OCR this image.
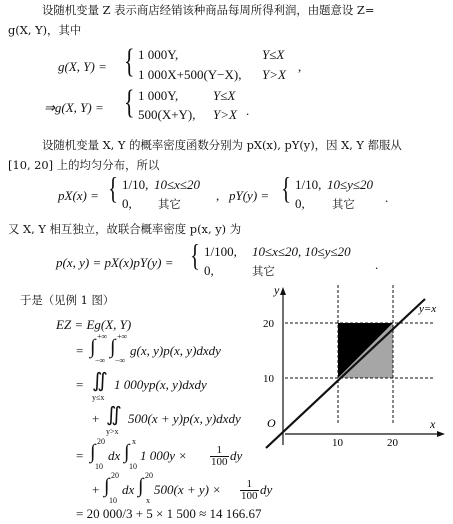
设随机变量 Z 表示商店经销该种商品每周所得利润，由题意设 Z=
g(X, Y)，其中
g(X, Y) = { 1 000Y,	Y≤X
1 000X+500(Y−X), Y>X
,
⇒g(X, Y) = { 1 000Y,	Y≤X
500(X+Y), Y>X .
设随机变量 X, Y 的概率密度函数分别为 pX(x), pY(y)，因 X, Y 都服从
[10, 20] 上的均匀分布，所以
pX(x) = { 1/10, 10≤x≤20
0, 其它
, pY(y) = { 1/10, 10≤y≤20
0, 其它 .
又 X, Y 相互独立，故联合概率密度 p(x, y) 为
p(x, y) = pX(x)pY(y) = { 1/100, 10≤x≤20, 10≤y≤20
0,	其它	.
于是（见例 1 图）
EZ = Eg(X, Y)
= ∫ +∞
−∞
∫ +∞
−∞
g(x, y)p(x, y)dxdy
= ∬
y≤x
1 000yp(x, y)dxdy
+ ∬
y>x
500(x + y)p(x, y)dxdy
= ∫ 20
10
dx ∫ x
10
1 $000y \times \frac{1}{100}$ dy
+ ∫ 20
10
dx ∫ 20
x
$500(x + y) \times \frac{1}{100}$ dy
= 20 000/3 + 5 × 1 500 ≈ 14 166.67
y
x
y=x
O
10	20
10
20
